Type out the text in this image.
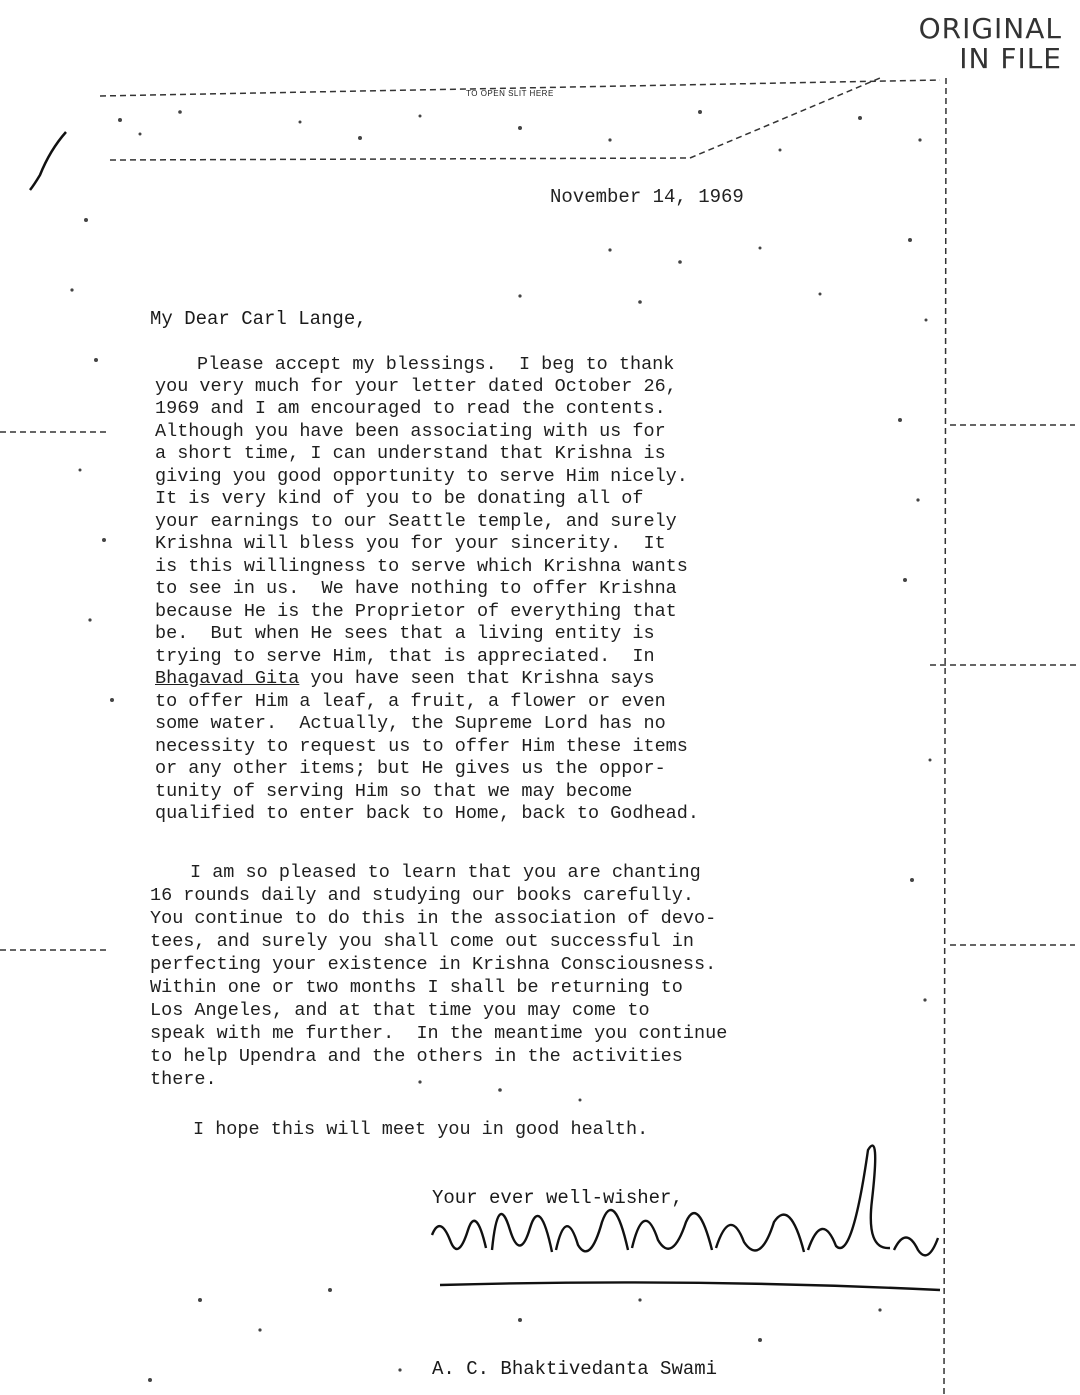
ORIGINAL
IN FILE
TO OPEN SLIT HERE
November 14, 1969
My Dear Carl Lange,
Please accept my blessings.  I beg to thank
you very much for your letter dated October 26,
1969 and I am encouraged to read the contents.
Although you have been associating with us for
a short time, I can understand that Krishna is
giving you good opportunity to serve Him nicely.
It is very kind of you to be donating all of
your earnings to our Seattle temple, and surely
Krishna will bless you for your sincerity.  It
is this willingness to serve which Krishna wants
to see in us.  We have nothing to offer Krishna
because He is the Proprietor of everything that
be.  But when He sees that a living entity is
trying to serve Him, that is appreciated.  In
Bhagavad Gita you have seen that Krishna says
to offer Him a leaf, a fruit, a flower or even
some water.  Actually, the Supreme Lord has no
necessity to request us to offer Him these items
or any other items; but He gives us the oppor-
tunity of serving Him so that we may become
qualified to enter back to Home, back to Godhead.
I am so pleased to learn that you are chanting
16 rounds daily and studying our books carefully.
You continue to do this in the association of devo-
tees, and surely you shall come out successful in
perfecting your existence in Krishna Consciousness.
Within one or two months I shall be returning to
Los Angeles, and at that time you may come to
speak with me further.  In the meantime you continue
to help Upendra and the others in the activities
there.
I hope this will meet you in good health.
Your ever well-wisher,
A. C. Bhaktivedanta Swami
